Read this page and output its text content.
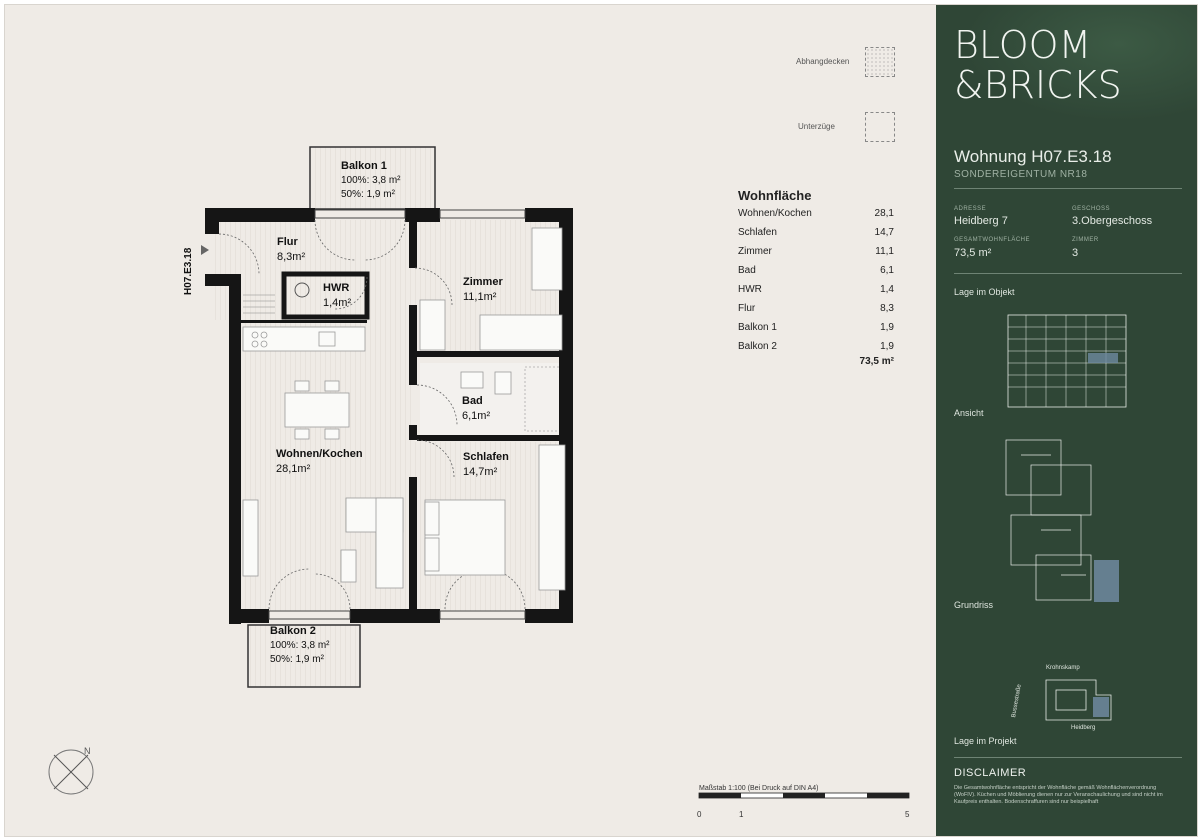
Abhangdecken
Unterzüge
Wohnfläche
Wohnen/Kochen	28,1
Schlafen	14,7
Zimmer	11,1
Bad	6,1
HWR	1,4
Flur	8,3
Balkon 1	1,9
Balkon 2	1,9
73,5 m²
N
H07.E3.18
Balkon 1
100%: 3,8 m²
50%: 1,9 m²
Flur
8,3m²
HWR
1,4m²
Zimmer
11,1m²
Bad
6,1m²
Wohnen/Kochen
28,1m²
Schlafen
14,7m²
Balkon 2
100%: 3,8 m²
50%: 1,9 m²
Maßstab 1:100 (Bei Druck auf DIN A4)
0	1	5
BLOOM
&BRICKS
Wohnung H07.E3.18
SONDEREIGENTUM NR18
ADRESSE
Heidberg 7
GESCHOSS
3.Obergeschoss
GESAMTWOHNFLÄCHE
73,5 m²
ZIMMER
3
Lage im Objekt
Ansicht
Grundriss
Krohnskamp
Bussestraße
Heidberg
Lage im Projekt
DISCLAIMER
Die Gesamtwohnfläche entspricht der Wohnfläche gemäß Wohnflächenverordnung (WoFlV). Küchen und Möblierung dienen nur zur Veranschaulichung und sind nicht im Kaufpreis enthalten. Bodenschraffuren sind nur beispielhaft
